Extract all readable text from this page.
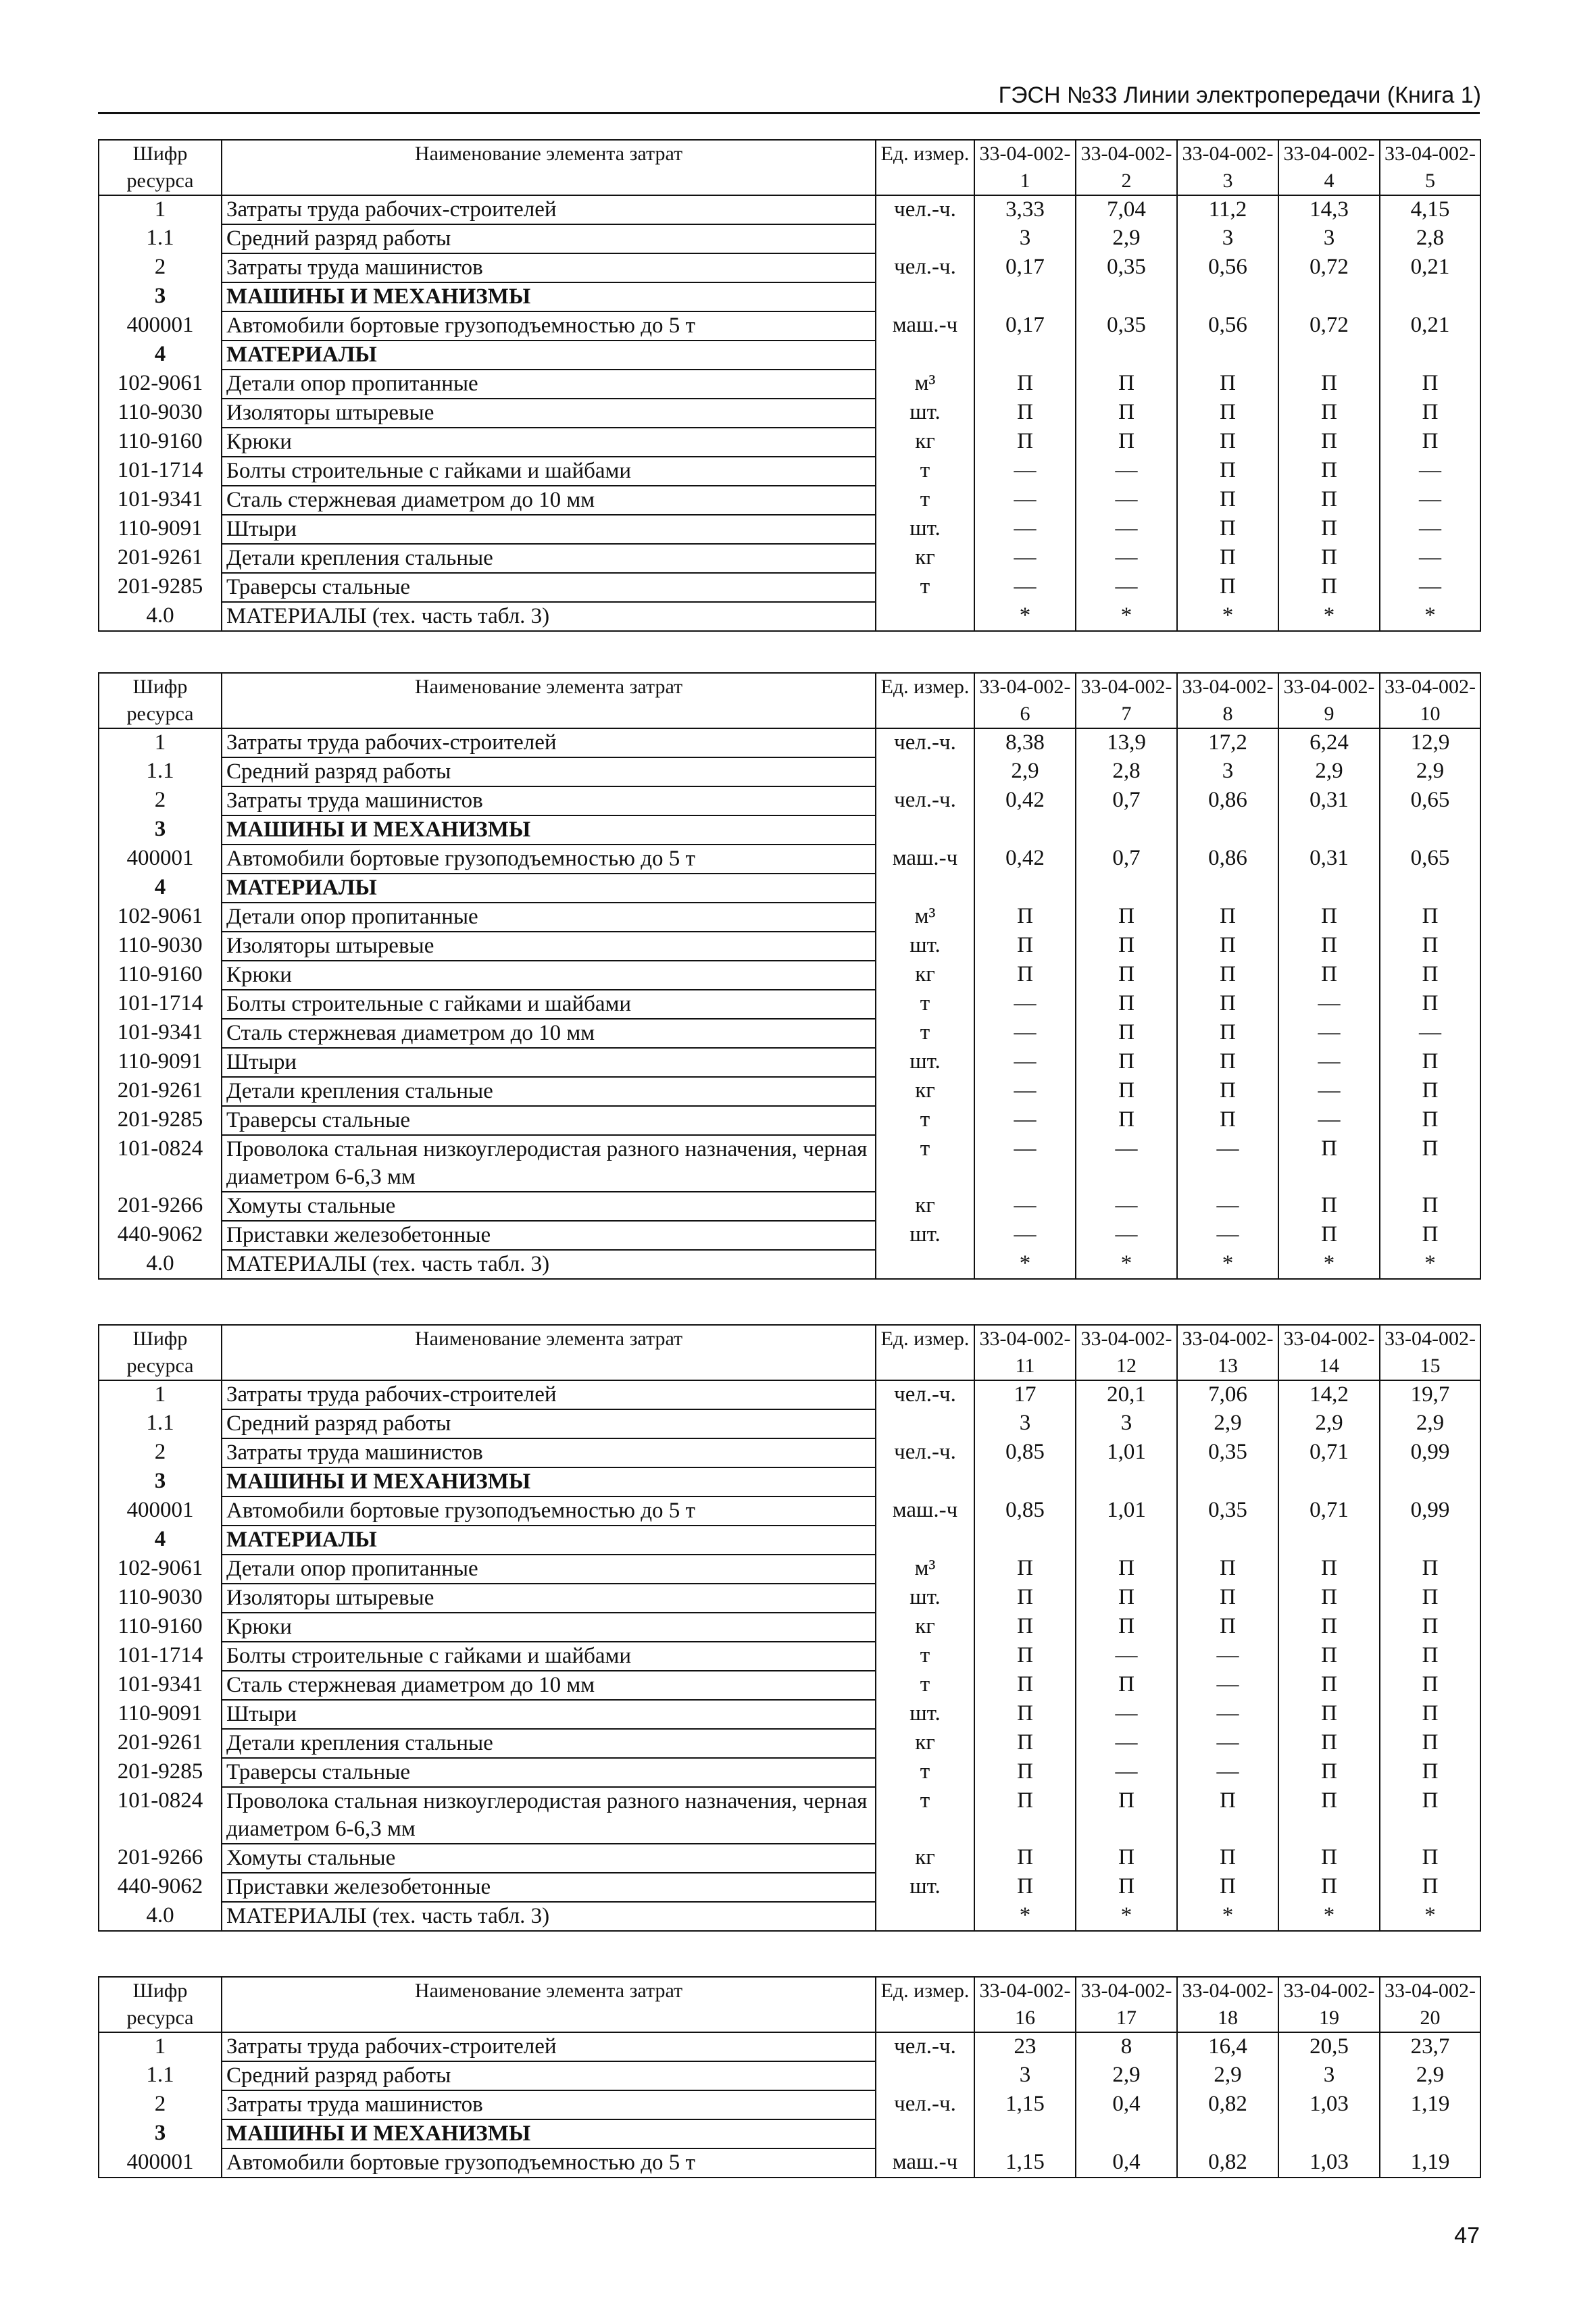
ГЭСН №33 Линии электропередачи (Книга 1)
Шифр ресурса	Наименование элемента затрат	Ед. измер.	33-04-002-1	33-04-002-2	33-04-002-3	33-04-002-4	33-04-002-5
1	Затраты труда рабочих-строителей	чел.-ч.	3,33	7,04	11,2	14,3	4,15
1.1	Средний разряд работы		3	2,9	3	3	2,8
2	Затраты труда машинистов	чел.-ч.	0,17	0,35	0,56	0,72	0,21
3	МАШИНЫ И МЕХАНИЗМЫ						
400001	Автомобили бортовые грузоподъемностью до 5 т	маш.-ч	0,17	0,35	0,56	0,72	0,21
4	МАТЕРИАЛЫ						
102-9061	Детали опор пропитанные	м³	П	П	П	П	П
110-9030	Изоляторы штыревые	шт.	П	П	П	П	П
110-9160	Крюки	кг	П	П	П	П	П
101-1714	Болты строительные с гайками и шайбами	т	—	—	П	П	—
101-9341	Сталь стержневая диаметром до 10 мм	т	—	—	П	П	—
110-9091	Штыри	шт.	—	—	П	П	—
201-9261	Детали крепления стальные	кг	—	—	П	П	—
201-9285	Траверсы стальные	т	—	—	П	П	—
4.0	МАТЕРИАЛЫ (тех. часть табл. 3)		*	*	*	*	*
Шифр ресурса	Наименование элемента затрат	Ед. измер.	33-04-002-6	33-04-002-7	33-04-002-8	33-04-002-9	33-04-002-10
1	Затраты труда рабочих-строителей	чел.-ч.	8,38	13,9	17,2	6,24	12,9
1.1	Средний разряд работы		2,9	2,8	3	2,9	2,9
2	Затраты труда машинистов	чел.-ч.	0,42	0,7	0,86	0,31	0,65
3	МАШИНЫ И МЕХАНИЗМЫ						
400001	Автомобили бортовые грузоподъемностью до 5 т	маш.-ч	0,42	0,7	0,86	0,31	0,65
4	МАТЕРИАЛЫ						
102-9061	Детали опор пропитанные	м³	П	П	П	П	П
110-9030	Изоляторы штыревые	шт.	П	П	П	П	П
110-9160	Крюки	кг	П	П	П	П	П
101-1714	Болты строительные с гайками и шайбами	т	—	П	П	—	П
101-9341	Сталь стержневая диаметром до 10 мм	т	—	П	П	—	—
110-9091	Штыри	шт.	—	П	П	—	П
201-9261	Детали крепления стальные	кг	—	П	П	—	П
201-9285	Траверсы стальные	т	—	П	П	—	П
101-0824	Проволока стальная низкоуглеродистая разного назначения, черная диаметром 6-6,3 мм	т	—	—	—	П	П
201-9266	Хомуты стальные	кг	—	—	—	П	П
440-9062	Приставки железобетонные	шт.	—	—	—	П	П
4.0	МАТЕРИАЛЫ (тех. часть табл. 3)		*	*	*	*	*
Шифр ресурса	Наименование элемента затрат	Ед. измер.	33-04-002-11	33-04-002-12	33-04-002-13	33-04-002-14	33-04-002-15
1	Затраты труда рабочих-строителей	чел.-ч.	17	20,1	7,06	14,2	19,7
1.1	Средний разряд работы		3	3	2,9	2,9	2,9
2	Затраты труда машинистов	чел.-ч.	0,85	1,01	0,35	0,71	0,99
3	МАШИНЫ И МЕХАНИЗМЫ						
400001	Автомобили бортовые грузоподъемностью до 5 т	маш.-ч	0,85	1,01	0,35	0,71	0,99
4	МАТЕРИАЛЫ						
102-9061	Детали опор пропитанные	м³	П	П	П	П	П
110-9030	Изоляторы штыревые	шт.	П	П	П	П	П
110-9160	Крюки	кг	П	П	П	П	П
101-1714	Болты строительные с гайками и шайбами	т	П	—	—	П	П
101-9341	Сталь стержневая диаметром до 10 мм	т	П	П	—	П	П
110-9091	Штыри	шт.	П	—	—	П	П
201-9261	Детали крепления стальные	кг	П	—	—	П	П
201-9285	Траверсы стальные	т	П	—	—	П	П
101-0824	Проволока стальная низкоуглеродистая разного назначения, черная диаметром 6-6,3 мм	т	П	П	П	П	П
201-9266	Хомуты стальные	кг	П	П	П	П	П
440-9062	Приставки железобетонные	шт.	П	П	П	П	П
4.0	МАТЕРИАЛЫ (тех. часть табл. 3)		*	*	*	*	*
Шифр ресурса	Наименование элемента затрат	Ед. измер.	33-04-002-16	33-04-002-17	33-04-002-18	33-04-002-19	33-04-002-20
1	Затраты труда рабочих-строителей	чел.-ч.	23	8	16,4	20,5	23,7
1.1	Средний разряд работы		3	2,9	2,9	3	2,9
2	Затраты труда машинистов	чел.-ч.	1,15	0,4	0,82	1,03	1,19
3	МАШИНЫ И МЕХАНИЗМЫ						
400001	Автомобили бортовые грузоподъемностью до 5 т	маш.-ч	1,15	0,4	0,82	1,03	1,19
47
